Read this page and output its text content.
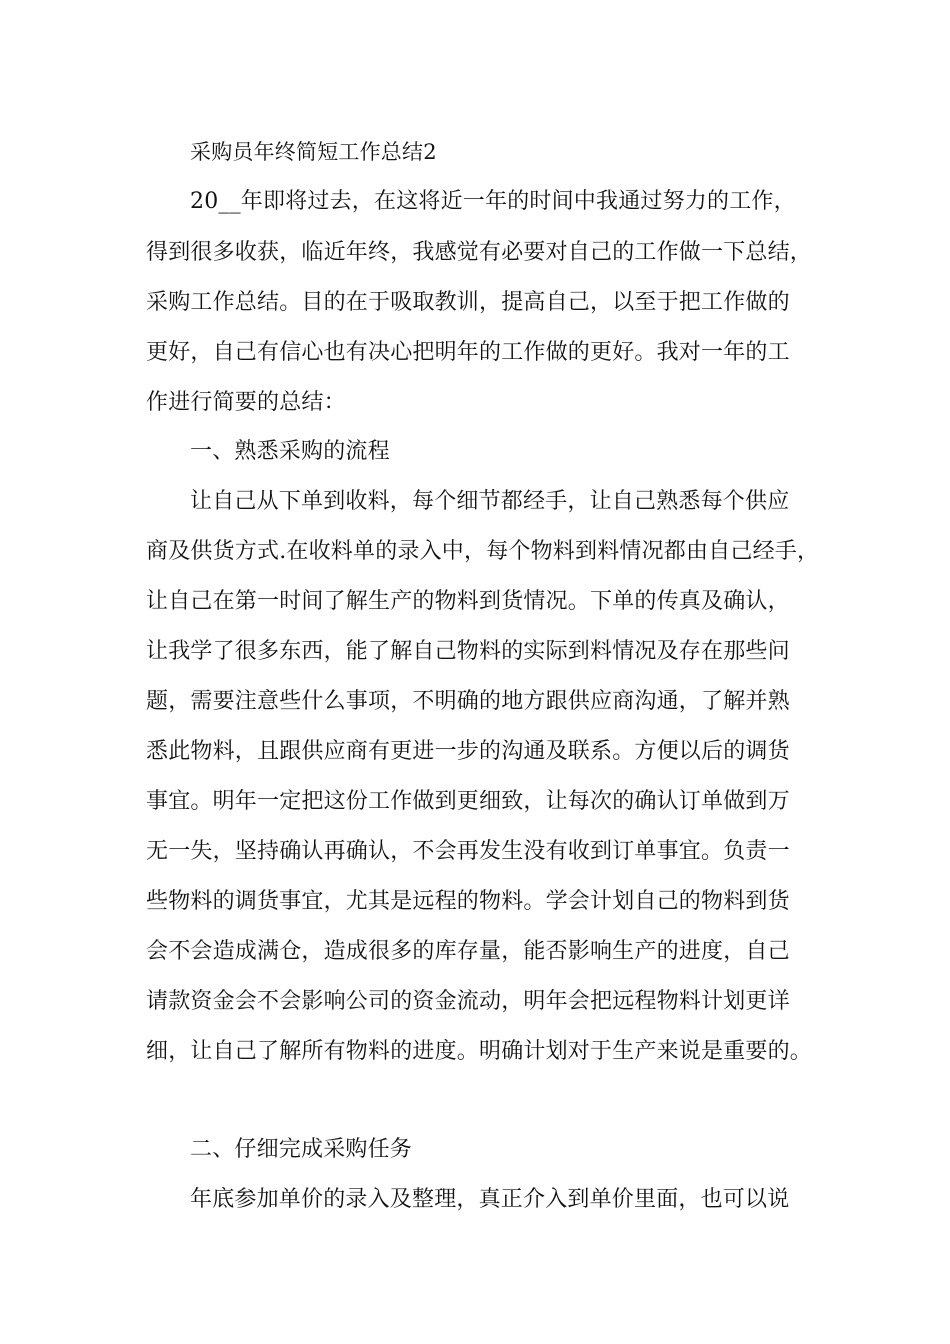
采购员年终简短工作总结2
20__年即将过去，在这将近一年的时间中我通过努力的工作，
得到很多收获，临近年终，我感觉有必要对自己的工作做一下总结，
采购工作总结。目的在于吸取教训，提高自己，以至于把工作做的
更好，自己有信心也有决心把明年的工作做的更好。我对一年的工
作进行简要的总结：
一、熟悉采购的流程
让自己从下单到收料，每个细节都经手，让自己熟悉每个供应
商及供货方式.在收料单的录入中，每个物料到料情况都由自己经手，
让自己在第一时间了解生产的物料到货情况。下单的传真及确认，
让我学了很多东西，能了解自己物料的实际到料情况及存在那些问
题，需要注意些什么事项，不明确的地方跟供应商沟通，了解并熟
悉此物料，且跟供应商有更进一步的沟通及联系。方便以后的调货
事宜。明年一定把这份工作做到更细致，让每次的确认订单做到万
无一失，坚持确认再确认，不会再发生没有收到订单事宜。负责一
些物料的调货事宜，尤其是远程的物料。学会计划自己的物料到货
会不会造成满仓，造成很多的库存量，能否影响生产的进度，自己
请款资金会不会影响公司的资金流动，明年会把远程物料计划更详
细，让自己了解所有物料的进度。明确计划对于生产来说是重要的。
二、仔细完成采购任务
年底参加单价的录入及整理，真正介入到单价里面，也可以说
